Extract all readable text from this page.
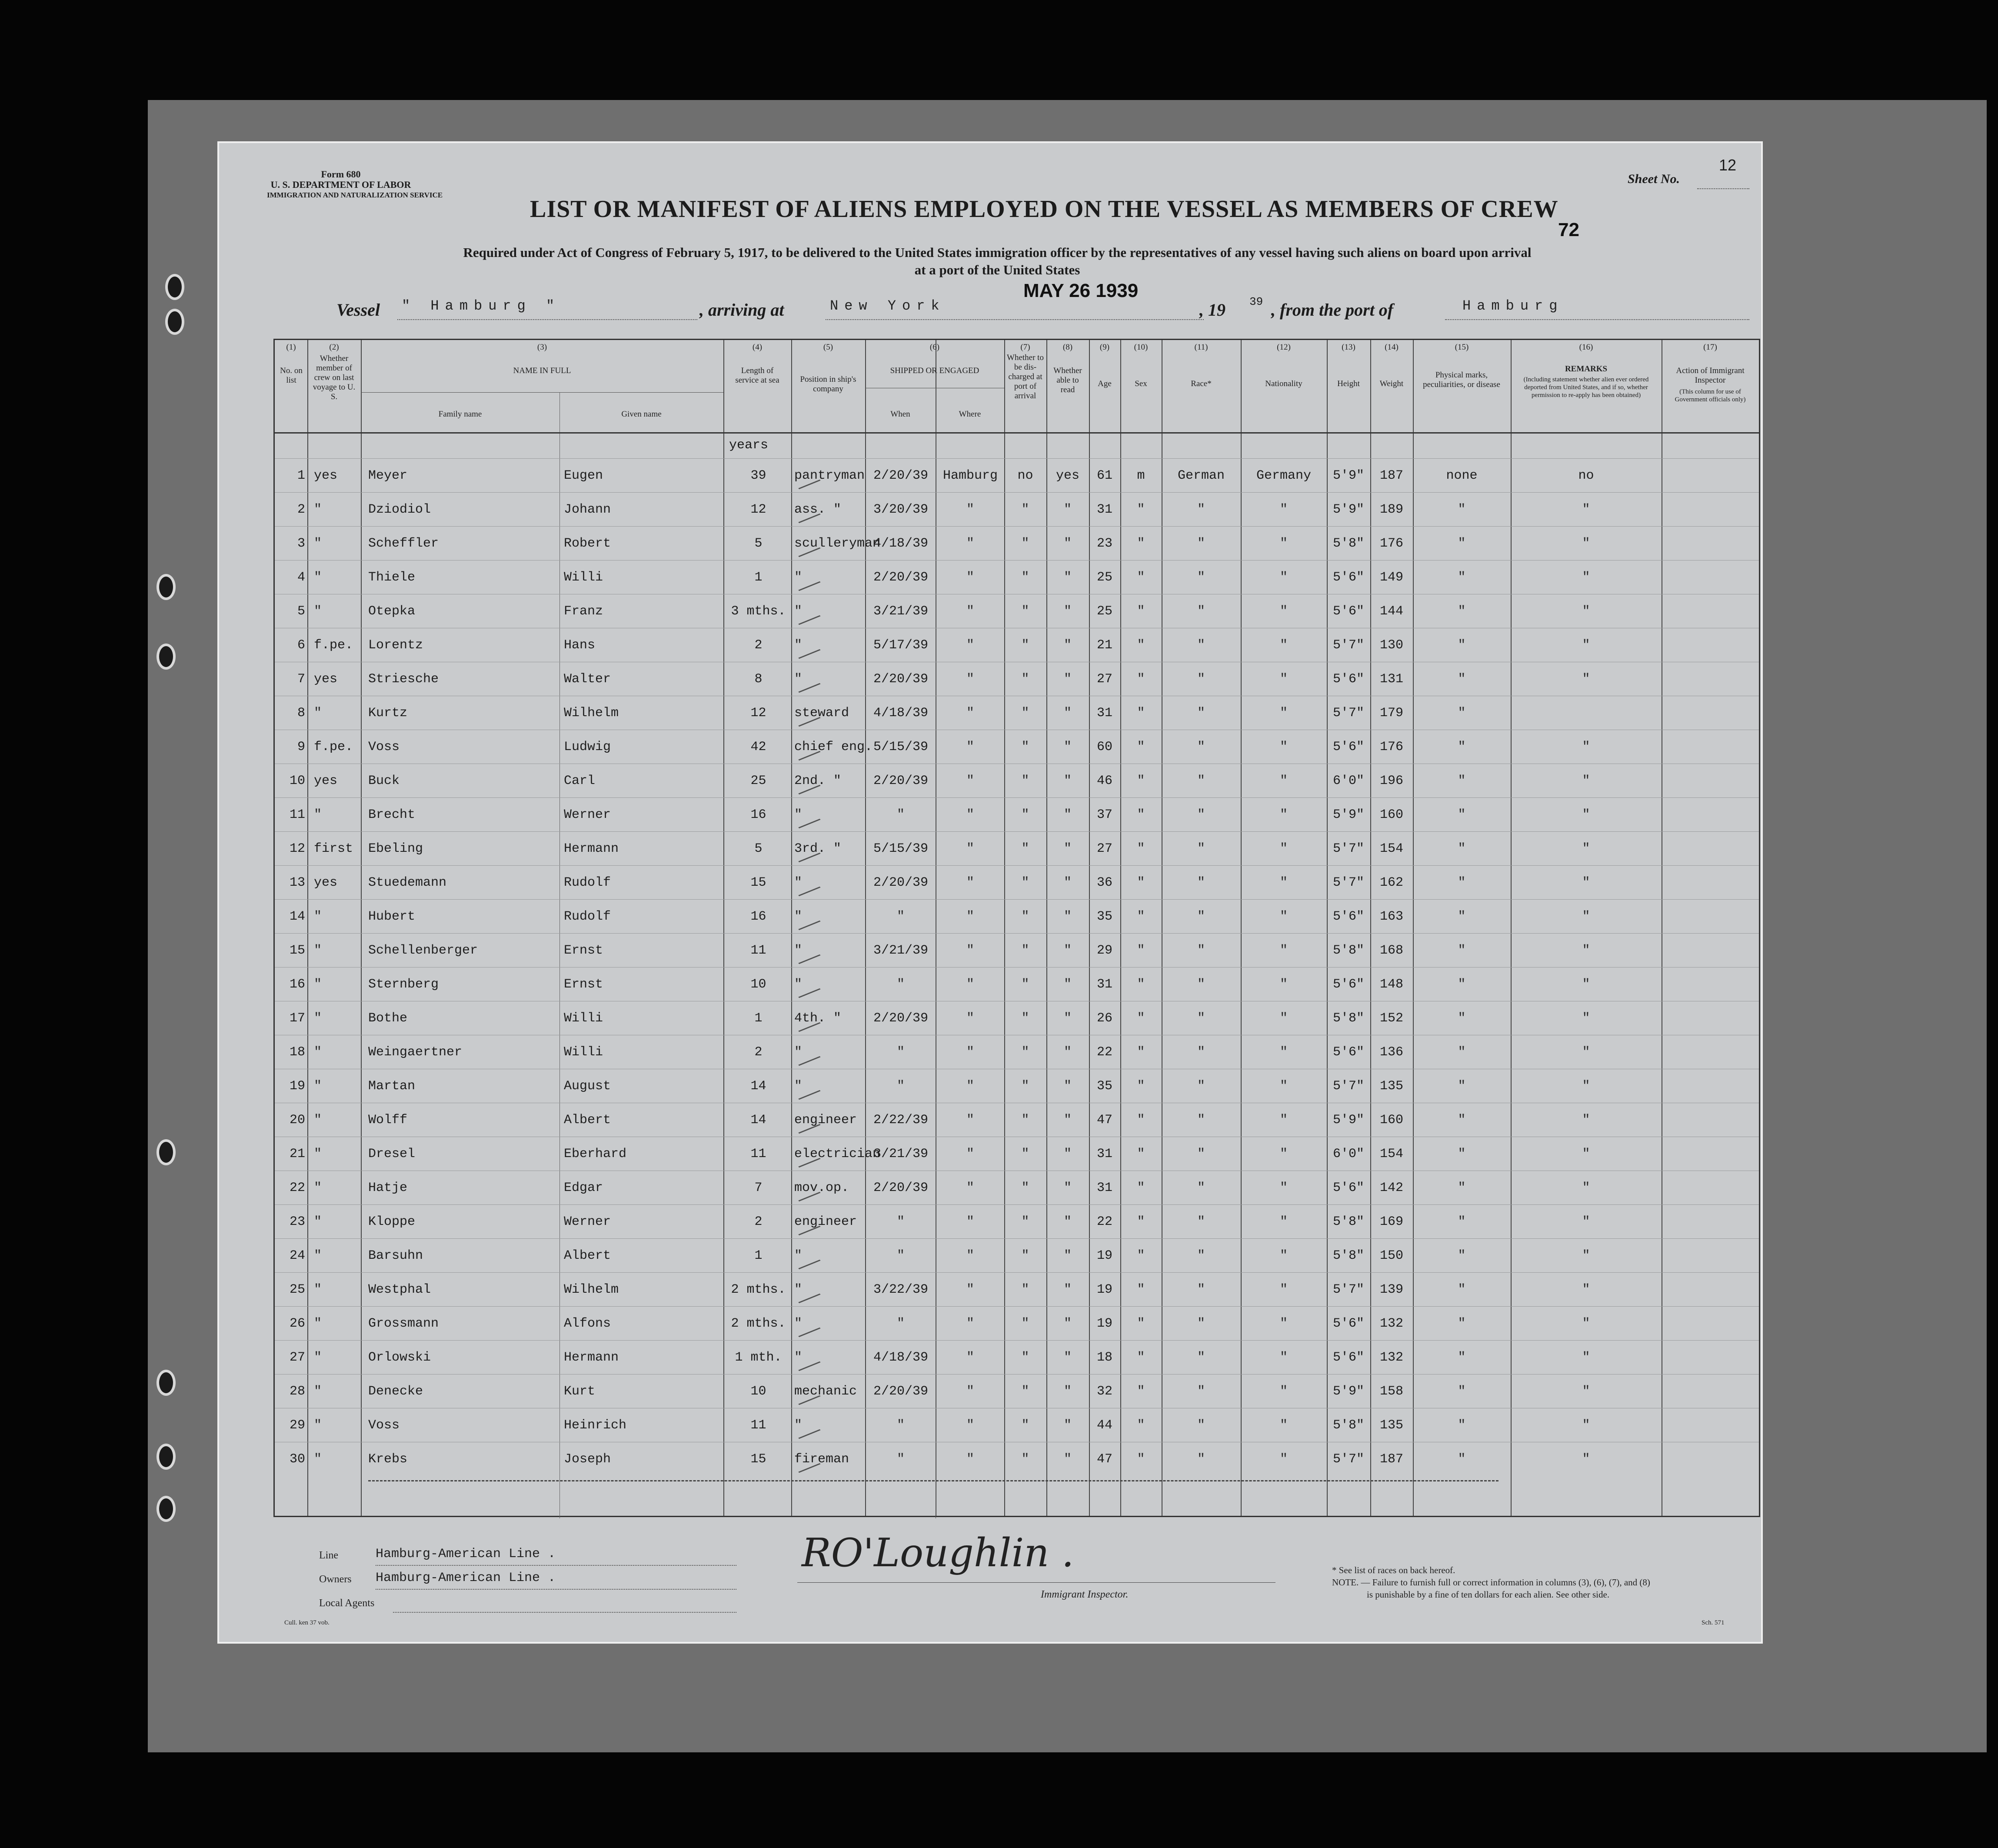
Form 680
U. S. DEPARTMENT OF LABOR
IMMIGRATION AND NATURALIZATION SERVICE
Sheet No.
12
LIST OR MANIFEST OF ALIENS EMPLOYED ON THE VESSEL AS MEMBERS OF CREW
72
Required under Act of Congress of February 5, 1917, to be delivered to the United States immigration officer by the representatives of any vessel having such aliens on board upon arrival
at a port of the United States
Vessel " Hamburg "	, arriving at	New York
MAY 26 1939
, 19 39 , from the port of	Hamburg
(1)
No. on list
(2)
Whether member of crew on last voyage to U. S.
(3)
NAME IN FULL
Family name	Given name
(4)
Length of service at sea
(5)
Position in ship's company
(6)
SHIPPED OR ENGAGED
When	Where
(7)
Whether to be dis-charged at port of arrival
(8)
Whether able to read
(9)
Age
(10)
Sex
(11)
Race*
(12)
Nationality
(13)
Height
(14)
Weight
(15)
Physical marks, peculiarities, or disease
(16)
REMARKS
(Including statement whether alien ever ordered deported from United States, and if so, whether permission to re-apply has been obtained)
(17)
Action of Immigrant Inspector
(This column for use of Government officials only)
years
1 yes	Meyer	Eugen	39	pantryman 2/20/39	Hamburg	no	yes	61	m	German	Germany	5'9"	187	none	no
2 "	Dziodiol	Johann	12	ass. "	3/20/39	"	"	"	31	"	"	"	5'9"	189	"	"
3 "	Scheffler	Robert	5	sculleryman
4/18/39	"	"	"	23	"	"	"	5'8"	176	"	"
4 "	Thiele	Willi	1	"	2/20/39	"	"	"	25	"	"	"	5'6"	149	"	"
5 "	Otepka	Franz	3 mths. "	3/21/39	"	"	"	25	"	"	"	5'6"	144	"	"
6 f.pe.	Lorentz	Hans	2	"	5/17/39	"	"	"	21	"	"	"	5'7"	130	"	"
7 yes	Striesche	Walter	8	"	2/20/39	"	"	"	27	"	"	"	5'6"	131	"	"
8 "	Kurtz	Wilhelm	12	steward	4/18/39	"	"	"	31	"	"	"	5'7"	179	"
9 f.pe.	Voss	Ludwig	42	chief eng. 5/15/39	"	"	"	60	"	"	"	5'6"	176	"	"
10 yes	Buck	Carl	25	2nd. "	2/20/39	"	"	"	46	"	"	"	6'0"	196	"	"
11 "	Brecht	Werner	16	"	"	"	"	"	37	"	"	"	5'9"	160	"	"
12 first	Ebeling	Hermann	5	3rd. "	5/15/39	"	"	"	27	"	"	"	5'7"	154	"	"
13 yes	Stuedemann	Rudolf	15	"	2/20/39	"	"	"	36	"	"	"	5'7"	162	"	"
14 "	Hubert	Rudolf	16	"	"	"	"	"	35	"	"	"	5'6"	163	"	"
15 "	Schellenberger	Ernst	11	"	3/21/39	"	"	"	29	"	"	"	5'8"	168	"	"
16 "	Sternberg	Ernst	10	"	"	"	"	"	31	"	"	"	5'6"	148	"	"
17 "	Bothe	Willi	1	4th. "	2/20/39	"	"	"	26	"	"	"	5'8"	152	"	"
18 "	Weingaertner	Willi	2	"	"	"	"	"	22	"	"	"	5'6"	136	"	"
19 "	Martan	August	14	"	"	"	"	"	35	"	"	"	5'7"	135	"	"
20 "	Wolff	Albert	14	engineer	2/22/39	"	"	"	47	"	"	"	5'9"	160	"	"
21 "	Dresel	Eberhard	11	electrician
3/21/39	"	"	"	31	"	"	"	6'0"	154	"	"
22 "	Hatje	Edgar	7	mov.op.	2/20/39	"	"	"	31	"	"	"	5'6"	142	"	"
23 "	Kloppe	Werner	2	engineer	"	"	"	"	22	"	"	"	5'8"	169	"	"
24 "	Barsuhn	Albert	1	"	"	"	"	"	19	"	"	"	5'8"	150	"	"
25 "	Westphal	Wilhelm	2 mths. "	3/22/39	"	"	"	19	"	"	"	5'7"	139	"	"
26 "	Grossmann	Alfons	2 mths. "	"	"	"	"	19	"	"	"	5'6"	132	"	"
27 "	Orlowski	Hermann	1 mth. "	4/18/39	"	"	"	18	"	"	"	5'6"	132	"	"
28 "	Denecke	Kurt	10	mechanic	2/20/39	"	"	"	32	"	"	"	5'9"	158	"	"
29 "	Voss	Heinrich	11	"	"	"	"	"	44	"	"	"	5'8"	135	"	"
30 "	Krebs	Joseph	15	fireman	"	"	"	"	47	"	"	"	5'7"	187	"	"
Line	Hamburg-American Line .
Owners Hamburg-American Line .
Local Agents
RO'Loughlin .
Immigrant Inspector.
* See list of races on back hereof.
NOTE. — Failure to furnish full or correct information in columns (3), (6), (7), and (8)
is punishable by a fine of ten dollars for each alien. See other side.
Cull. ken 37 vob.	Sch. 571
